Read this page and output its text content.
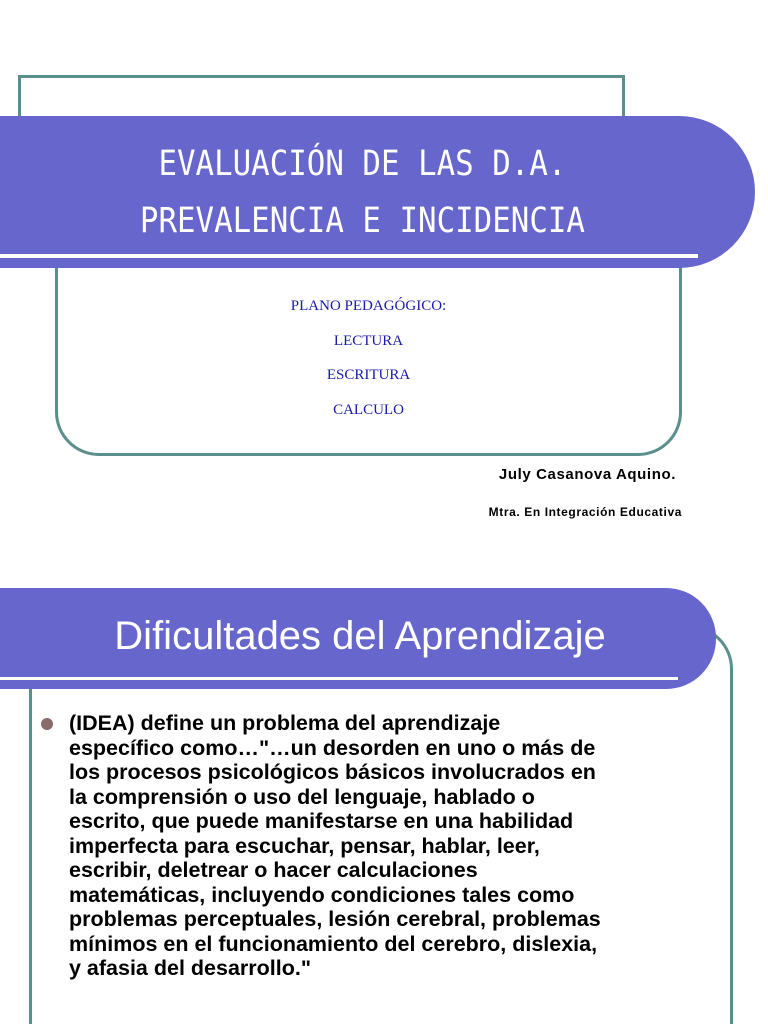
EVALUACIÓN DE LAS D.A.
PREVALENCIA E INCIDENCIA
PLANO PEDAGÓGICO:
LECTURA
ESCRITURA
CALCULO
July Casanova Aquino.
Mtra. En Integración Educativa
Dificultades del Aprendizaje
(IDEA) define un problema del aprendizaje
específico como…"…un desorden en uno o más de
los procesos psicológicos básicos involucrados en
la comprensión o uso del lenguaje, hablado o
escrito, que puede manifestarse en una habilidad
imperfecta para escuchar, pensar, hablar, leer,
escribir, deletrear o hacer calculaciones
matemáticas, incluyendo condiciones tales como
problemas perceptuales, lesión cerebral, problemas
mínimos en el funcionamiento del cerebro, dislexia,
y afasia del desarrollo."
